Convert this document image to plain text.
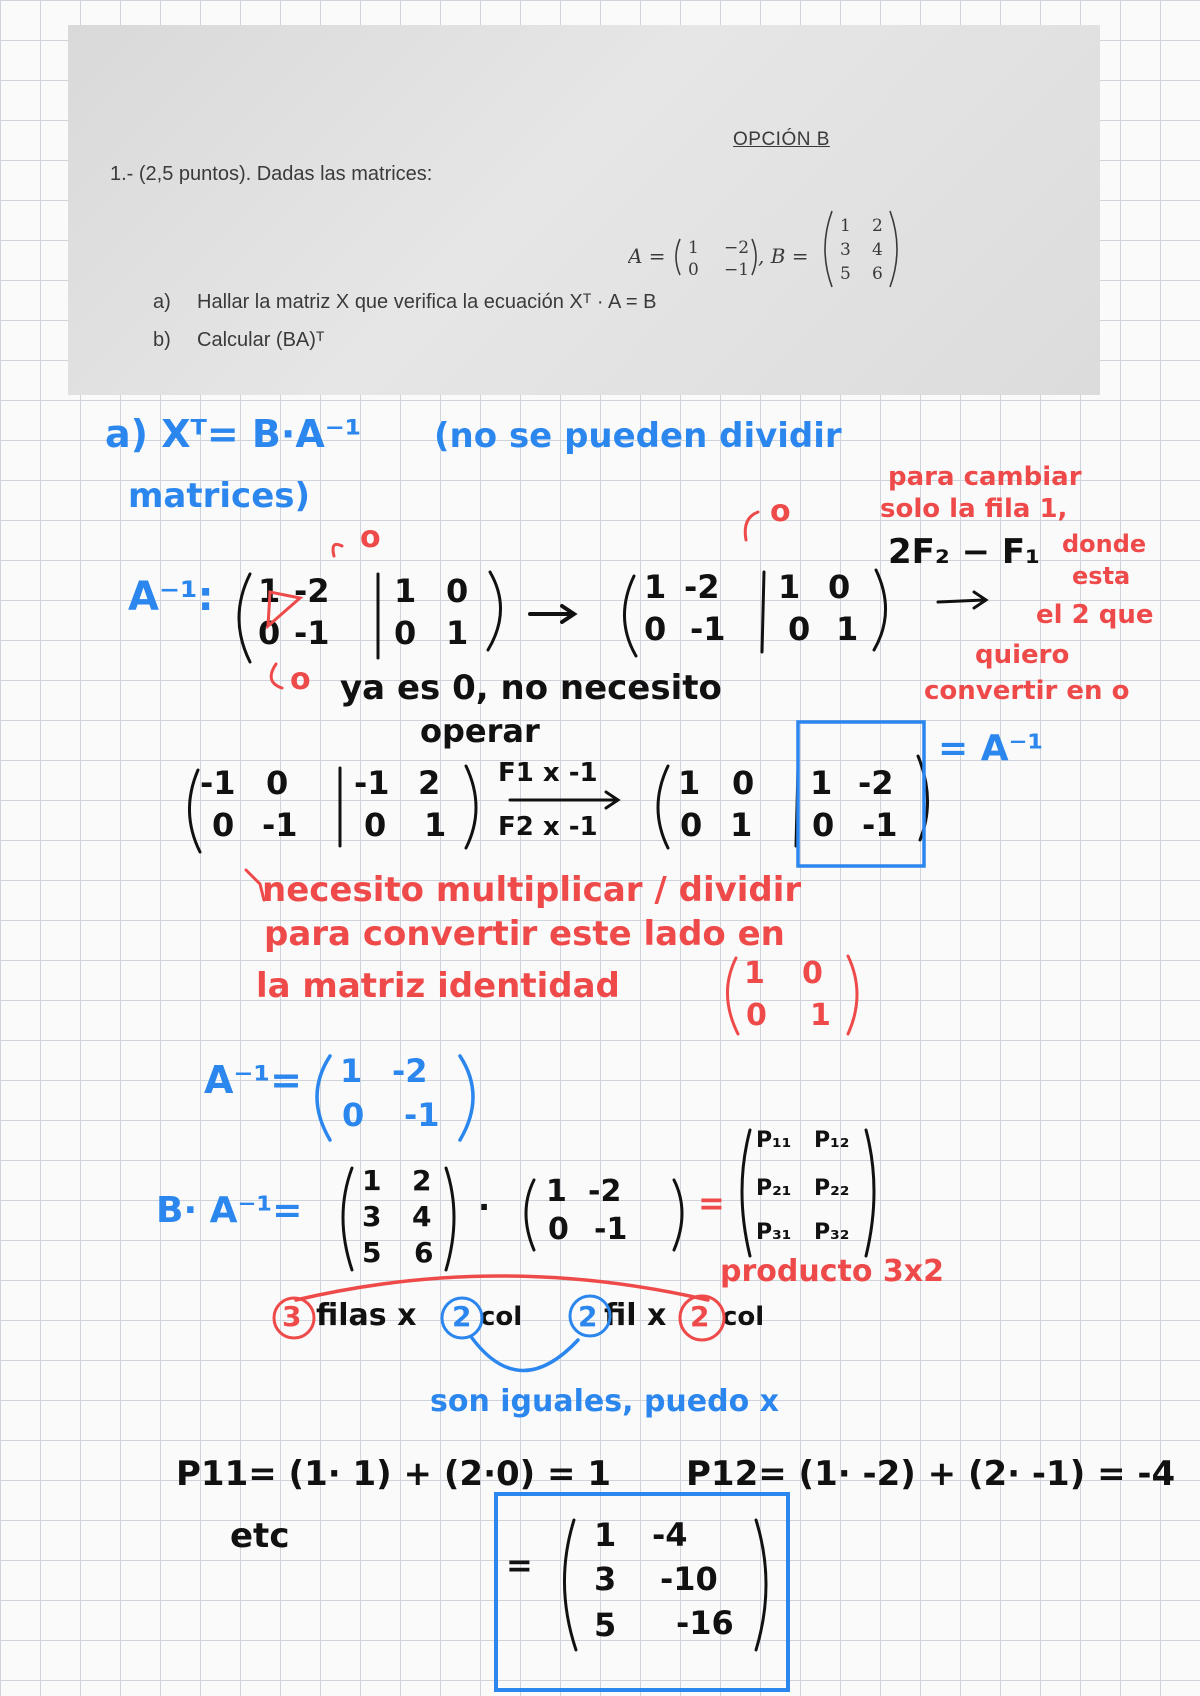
OPCIÓN B
1.- (2,5 puntos). Dadas las matrices:
A = 1 −2
0 −1
, B =
1 2
3 4
5 6
a) Hallar la matriz X que verifica la ecuación Xᵀ · A = B
b) Calcular (BA)ᵀ
a) Xᵀ= B·A⁻¹ (no se pueden dividir
matrices)	para cambiar
solo la fila 1,
donde
esta
el 2 que
quiero
convertir en o
A⁻¹: 1 -2
0 -1
1 0
0 1
o
o
o
1 -2
0 -1
1 0
0 1
2F₂ − F₁
ya es 0, no necesito
operar
-1 0
0 -1
-1 2
0 1
F1 x -1
F2 x -1
1 0
0 1
1 -2
0 -1
= A⁻¹
necesito multiplicar / dividir
para convertir este lado en
la matriz identidad	1 0
0 1
A⁻¹= 1 -2
0 -1
B· A⁻¹=
1 2
3 4
5 6
· 1 -2
0 -1
=
P₁₁ P₁₂
P₂₁ P₂₂
P₃₁ P₃₂
producto 3x2
3 filas x 2 col 2 fil x 2 col
son iguales, puedo x
P11= (1· 1) + (2·0) = 1 P12= (1· -2) + (2· -1) = -4
etc
=
1 -4
3 -10
5 -16
